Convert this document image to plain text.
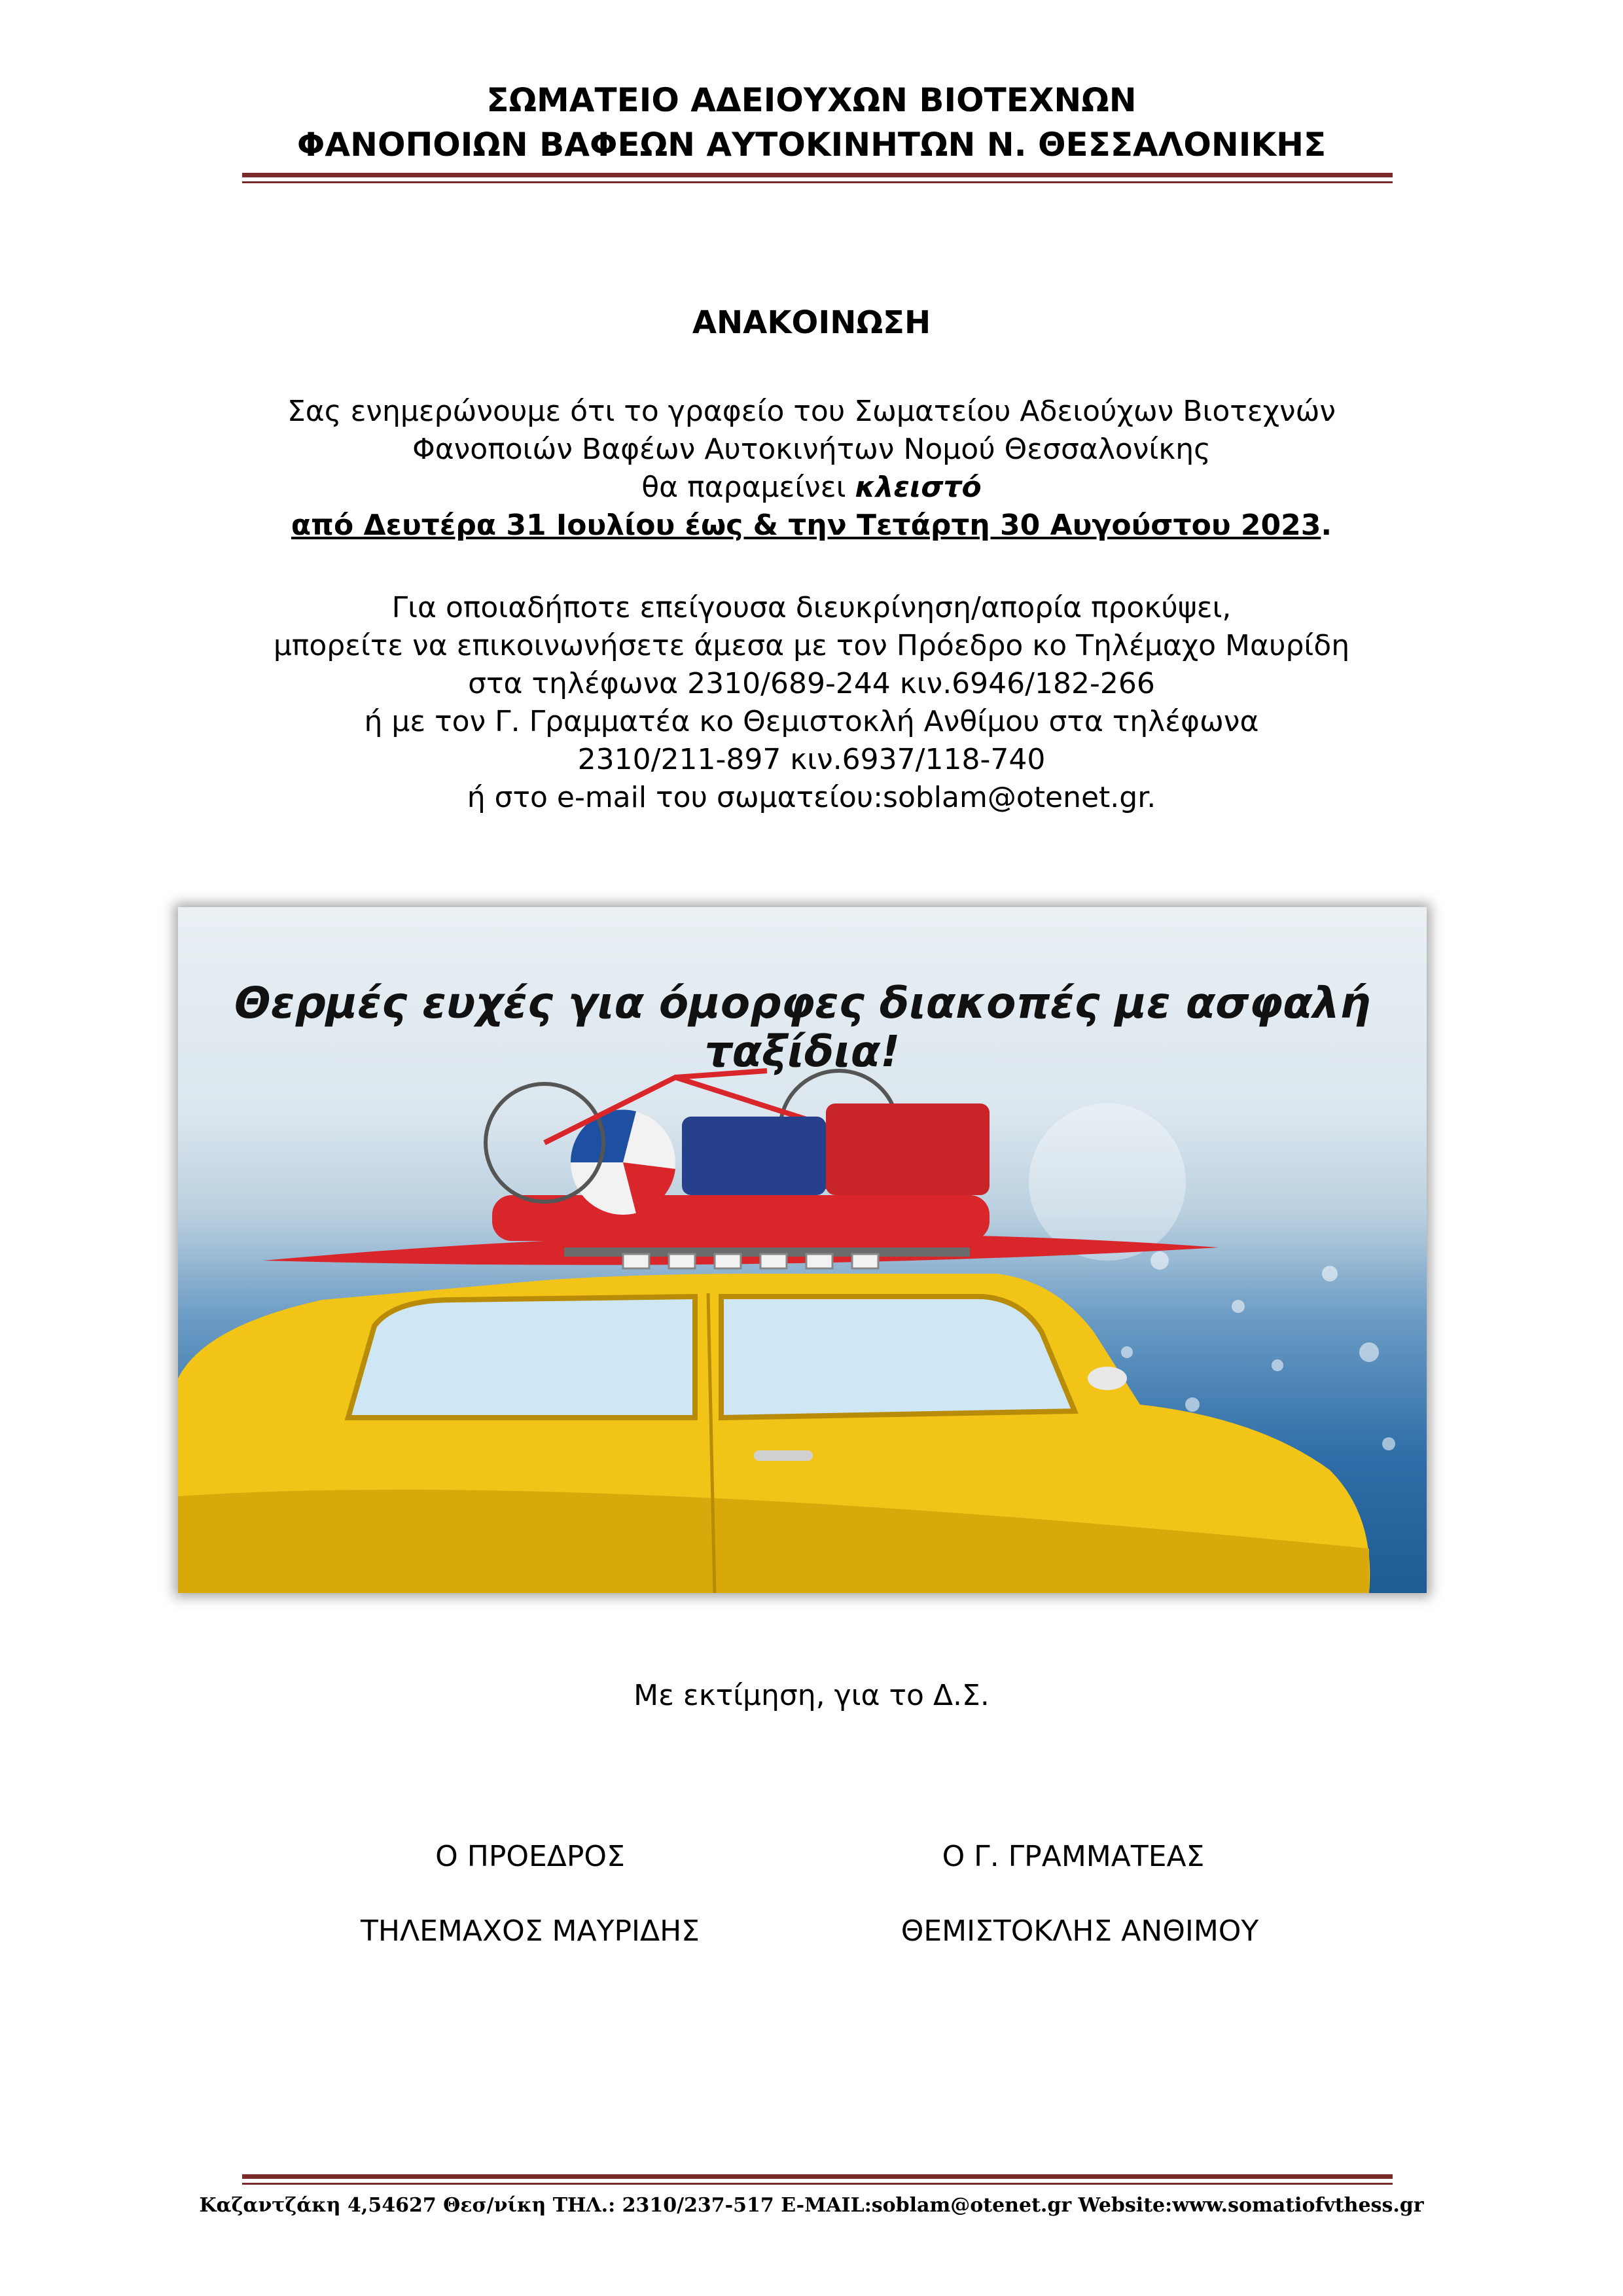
ΣΩΜΑΤΕΙΟ ΑΔΕΙΟΥΧΩΝ ΒΙΟΤΕΧΝΩΝ
ΦΑΝΟΠΟΙΩΝ ΒΑΦΕΩΝ ΑΥΤΟΚΙΝΗΤΩΝ Ν. ΘΕΣΣΑΛΟΝΙΚΗΣ
ΑΝΑΚΟΙΝΩΣΗ
Σας ενημερώνουμε ότι το γραφείο του Σωματείου Αδειούχων Βιοτεχνών
Φανοποιών Βαφέων Αυτοκινήτων Νομού Θεσσαλονίκης
θα παραμείνει κλειστό
από Δευτέρα 31 Ιουλίου έως & την Τετάρτη 30 Αυγούστου 2023.
Για οποιαδήποτε επείγουσα διευκρίνηση/απορία προκύψει,
μπορείτε να επικοινωνήσετε άμεσα με τον Πρόεδρο κο Τηλέμαχο Μαυρίδη
στα τηλέφωνα 2310/689-244 κιν.6946/182-266
ή με τον Γ. Γραμματέα κο Θεμιστοκλή Ανθίμου στα τηλέφωνα
2310/211-897 κιν.6937/118-740
ή στο e-mail του σωματείου:soblam@otenet.gr.
Θερμές ευχές για όμορφες διακοπές με ασφαλή
ταξίδια!
Με εκτίμηση, για το Δ.Σ.
Ο ΠΡΟΕΔΡΟΣ	Ο Γ. ΓΡΑΜΜΑΤΕΑΣ
ΤΗΛΕΜΑΧΟΣ ΜΑΥΡΙΔΗΣ	ΘΕΜΙΣΤΟΚΛΗΣ ΑΝΘΙΜΟΥ
Καζαντζάκη 4,54627 Θεσ/νίκη ΤΗΛ.: 2310/237-517 E-MAIL:soblam@otenet.gr Website:www.somatiofvthess.gr
